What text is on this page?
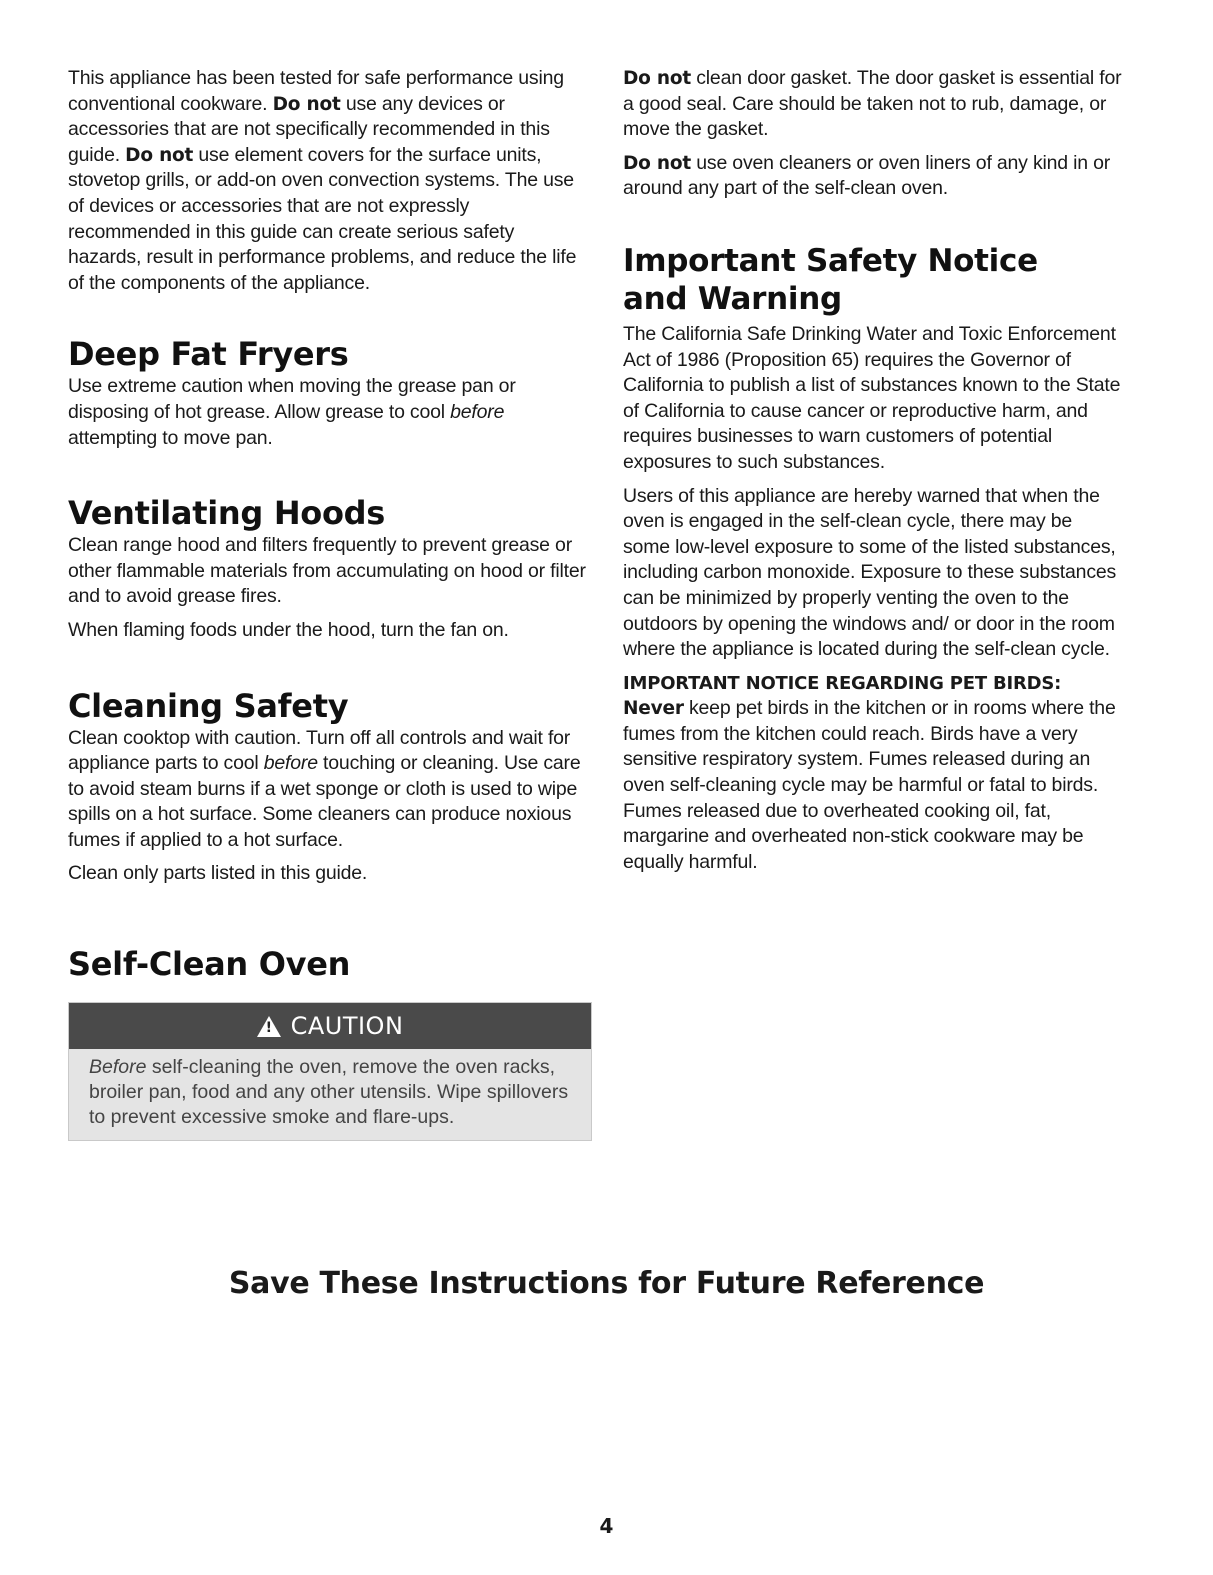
This appliance has been tested for safe performance using conventional cookware. Do not use any devices or accessories that are not specifically recommended in this guide. Do not use element covers for the surface units, stovetop grills, or add-on oven convection systems. The use of devices or accessories that are not expressly recommended in this guide can create serious safety hazards, result in performance problems, and reduce the life of the components of the appliance.

Deep Fat Fryers

Use extreme caution when moving the grease pan or disposing of hot grease. Allow grease to cool before attempting to move pan.

Ventilating Hoods

Clean range hood and filters frequently to prevent grease or other flammable materials from accumulating on hood or filter and to avoid grease fires.

When flaming foods under the hood, turn the fan on.

Cleaning Safety

Clean cooktop with caution. Turn off all controls and wait for appliance parts to cool before touching or cleaning. Use care to avoid steam burns if a wet sponge or cloth is used to wipe spills on a hot surface. Some cleaners can produce noxious fumes if applied to a hot surface.

Clean only parts listed in this guide.

Self-Clean Oven
! CAUTION
Before self-cleaning the oven, remove the oven racks, broiler pan, food and any other utensils. Wipe spillovers to prevent excessive smoke and flare-ups.

Do not clean door gasket. The door gasket is essential for a good seal. Care should be taken not to rub, damage, or move the gasket.

Do not use oven cleaners or oven liners of any kind in or around any part of the self-clean oven.

Important Safety Notice
and Warning

The California Safe Drinking Water and Toxic Enforcement Act of 1986 (Proposition 65) requires the Governor of California to publish a list of substances known to the State of California to cause cancer or reproductive harm, and requires businesses to warn customers of potential exposures to such substances.

Users of this appliance are hereby warned that when the oven is engaged in the self-clean cycle, there may be some low-level exposure to some of the listed substances, including carbon monoxide. Exposure to these substances can be minimized by properly venting the oven to the outdoors by opening the windows and/ or door in the room where the appliance is located during the self-clean cycle.

IMPORTANT NOTICE REGARDING PET BIRDS:

Never keep pet birds in the kitchen or in rooms where the fumes from the kitchen could reach. Birds have a very sensitive respiratory system. Fumes released during an oven self-cleaning cycle may be harmful or fatal to birds. Fumes released due to overheated cooking oil, fat, margarine and overheated non-stick cookware may be equally harmful.

Save These Instructions for Future Reference
4
